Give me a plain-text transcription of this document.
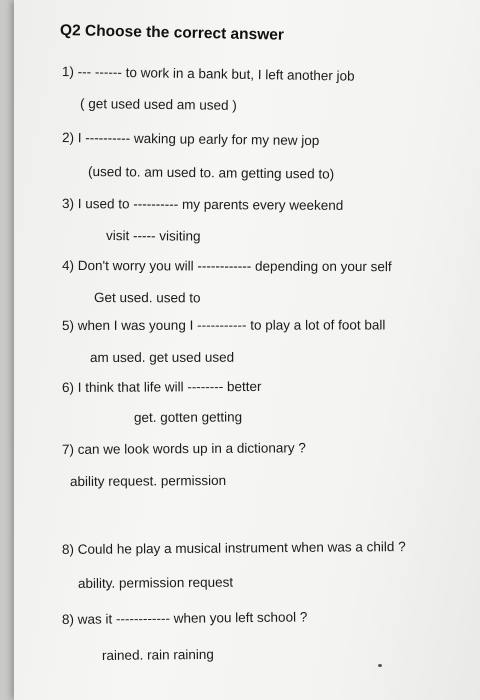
Q2 Choose the correct answer
1) --- ------ to work in a bank but, I left another job
( get used used am used )
2) I ---------- waking up early for my new jop
(used to. am used to. am getting used to)
3) I used to ---------- my parents every weekend
visit ----- visiting
4) Don't worry you will ------------ depending on your self
Get used. used to
5) when I was young I ----------- to play a lot of foot ball
am used. get used used
6) I think that life will -------- better
get. gotten getting
7) can we look words up in a dictionary ?
ability request. permission
8) Could he play a musical instrument when was a child ?
ability. permission request
8) was it ------------ when you left school ?
rained. rain raining
